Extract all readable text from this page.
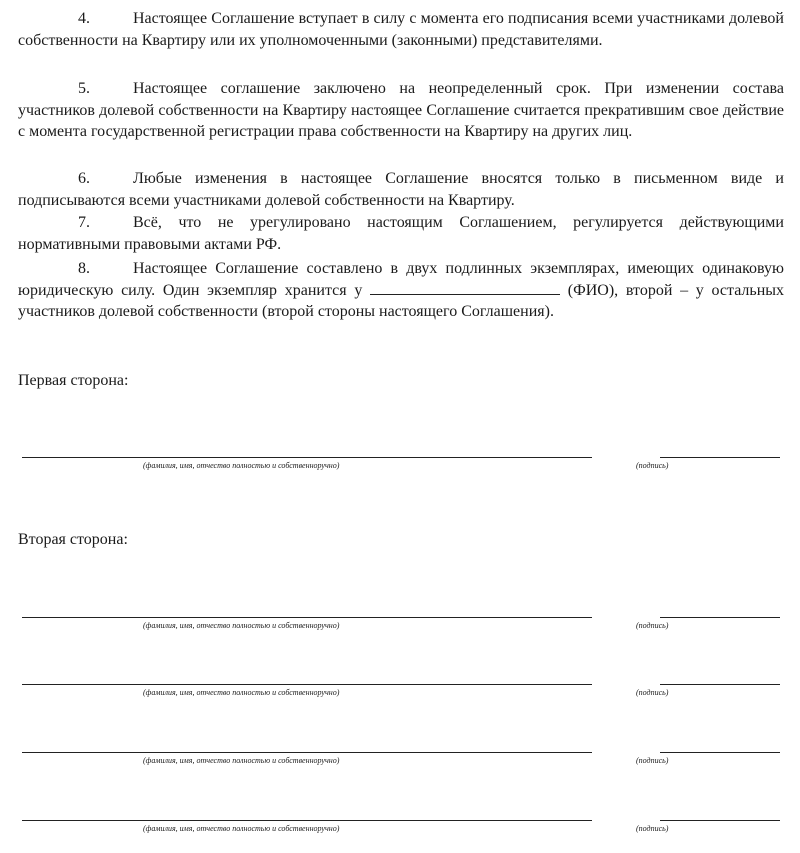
4.	Настоящее Соглашение вступает в силу с момента его подписания всеми участниками долевой собственности на Квартиру или их уполномоченными (законными) представителями.

5.	Настоящее соглашение заключено на неопределенный срок. При изменении состава участников долевой собственности на Квартиру настоящее Соглашение считается прекратившим свое действие с момента государственной регистрации права собственности на Квартиру на других лиц.

6.	Любые изменения в настоящее Соглашение вносятся только в письменном виде и подписываются всеми участниками долевой собственности на Квартиру.

7.	Всё, что не урегулировано настоящим Соглашением, регулируется действующими нормативными правовыми актами РФ.

8.	Настоящее Соглашение составлено в двух подлинных экземплярах, имеющих одинаковую юридическую силу. Один экземпляр хранится у	(ФИО), второй – у остальных участников долевой собственности (второй стороны настоящего Соглашения).

Первая сторона:

(фамилия, имя, отчество полностью и собственноручно)	(подпись)

Вторая сторона:

(фамилия, имя, отчество полностью и собственноручно)	(подпись)
(фамилия, имя, отчество полностью и собственноручно)	(подпись)
(фамилия, имя, отчество полностью и собственноручно)	(подпись)
(фамилия, имя, отчество полностью и собственноручно)	(подпись)
